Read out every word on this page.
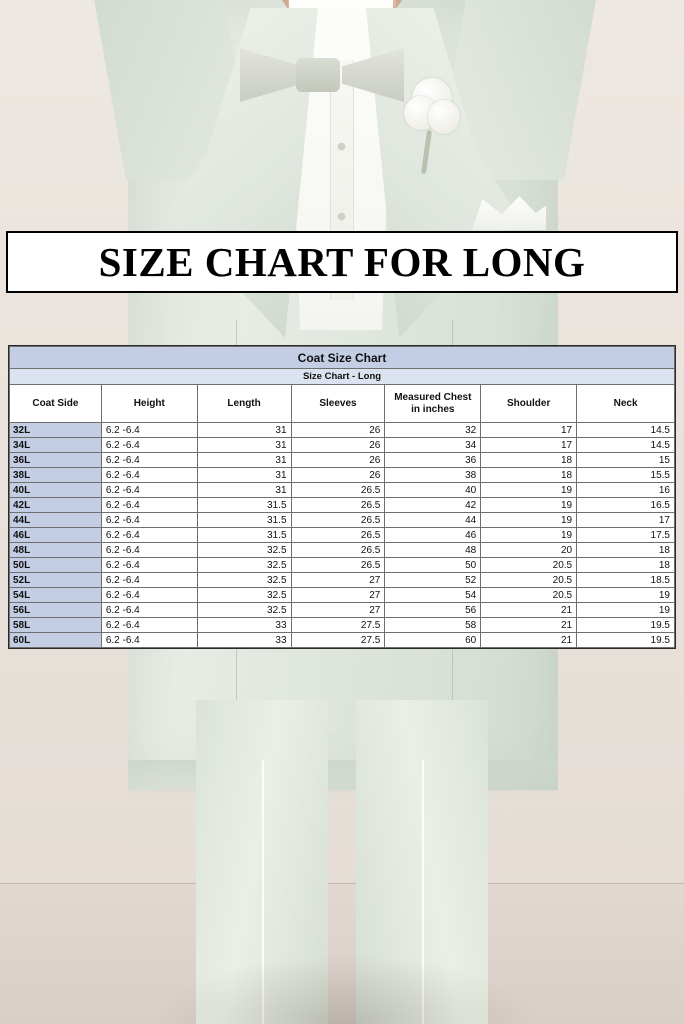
SIZE CHART FOR LONG
Coat Size Chart						
Size Chart - Long						
Coat Side	Height	Length	Sleeves	Measured Chest in inches	Shoulder	Neck
32L	6.2 -6.4	31	26	32	17	14.5
34L	6.2 -6.4	31	26	34	17	14.5
36L	6.2 -6.4	31	26	36	18	15
38L	6.2 -6.4	31	26	38	18	15.5
40L	6.2 -6.4	31	26.5	40	19	16
42L	6.2 -6.4	31.5	26.5	42	19	16.5
44L	6.2 -6.4	31.5	26.5	44	19	17
46L	6.2 -6.4	31.5	26.5	46	19	17.5
48L	6.2 -6.4	32.5	26.5	48	20	18
50L	6.2 -6.4	32.5	26.5	50	20.5	18
52L	6.2 -6.4	32.5	27	52	20.5	18.5
54L	6.2 -6.4	32.5	27	54	20.5	19
56L	6.2 -6.4	32.5	27	56	21	19
58L	6.2 -6.4	33	27.5	58	21	19.5
60L	6.2 -6.4	33	27.5	60	21	19.5
